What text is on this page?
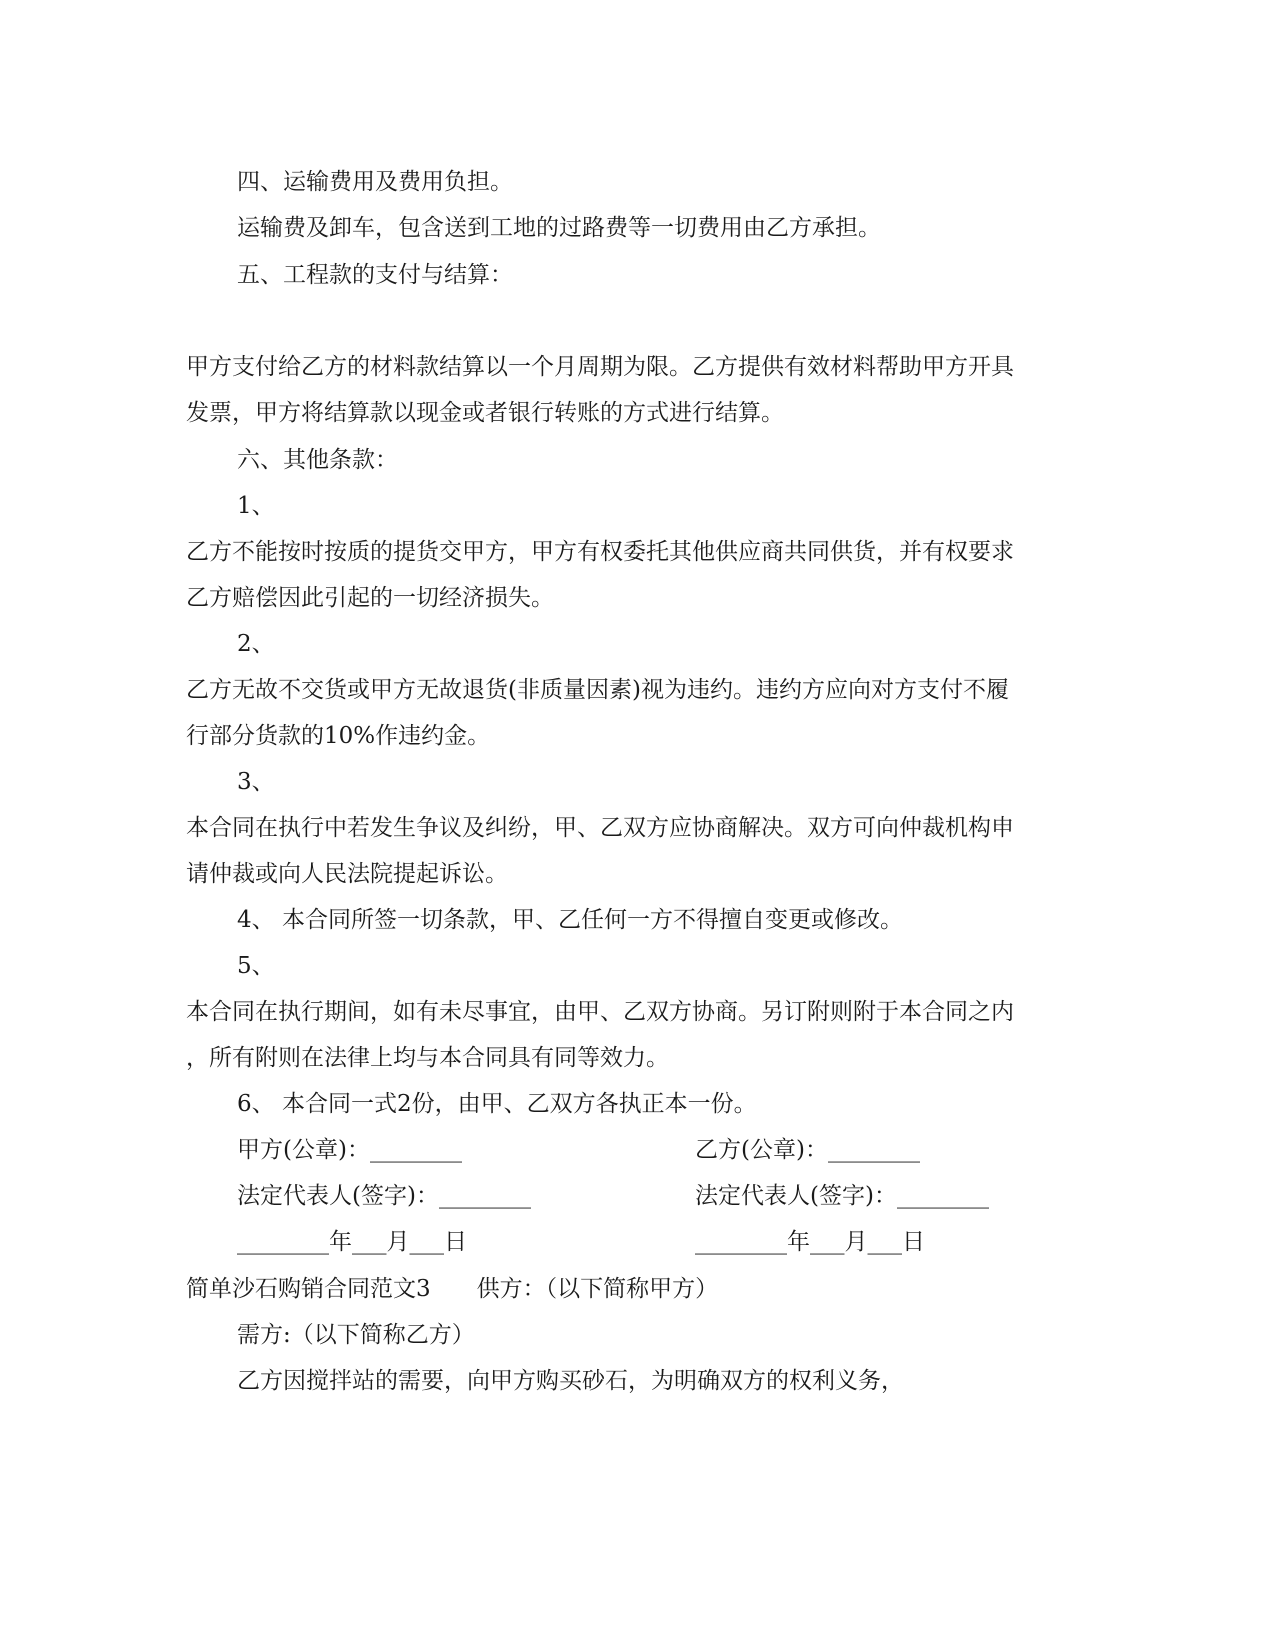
四、运输费用及费用负担。
运输费及卸车，包含送到工地的过路费等一切费用由乙方承担。
五、工程款的支付与结算：
甲方支付给乙方的材料款结算以一个月周期为限。乙方提供有效材料帮助甲方开具
发票，甲方将结算款以现金或者银行转账的方式进行结算。
六、其他条款：
1、
乙方不能按时按质的提货交甲方，甲方有权委托其他供应商共同供货，并有权要求
乙方赔偿因此引起的一切经济损失。
2、
乙方无故不交货或甲方无故退货(非质量因素)视为违约。违约方应向对方支付不履
行部分货款的10%作违约金。
3、
本合同在执行中若发生争议及纠纷，甲、乙双方应协商解决。双方可向仲裁机构申
请仲裁或向人民法院提起诉讼。
4、 本合同所签一切条款，甲、乙任何一方不得擅自变更或修改。
5、
本合同在执行期间，如有未尽事宜，由甲、乙双方协商。另订附则附于本合同之内
，所有附则在法律上均与本合同具有同等效力。
6、 本合同一式2份，由甲、乙双方各执正本一份。
甲方(公章)：________	乙方(公章)：________
法定代表人(签字)：________	法定代表人(签字)：________
________年___月___日	________年___月___日
简单沙石购销合同范文3　　供方：（以下简称甲方）
需方:（以下简称乙方）
乙方因搅拌站的需要，向甲方购买砂石，为明确双方的权利义务，
